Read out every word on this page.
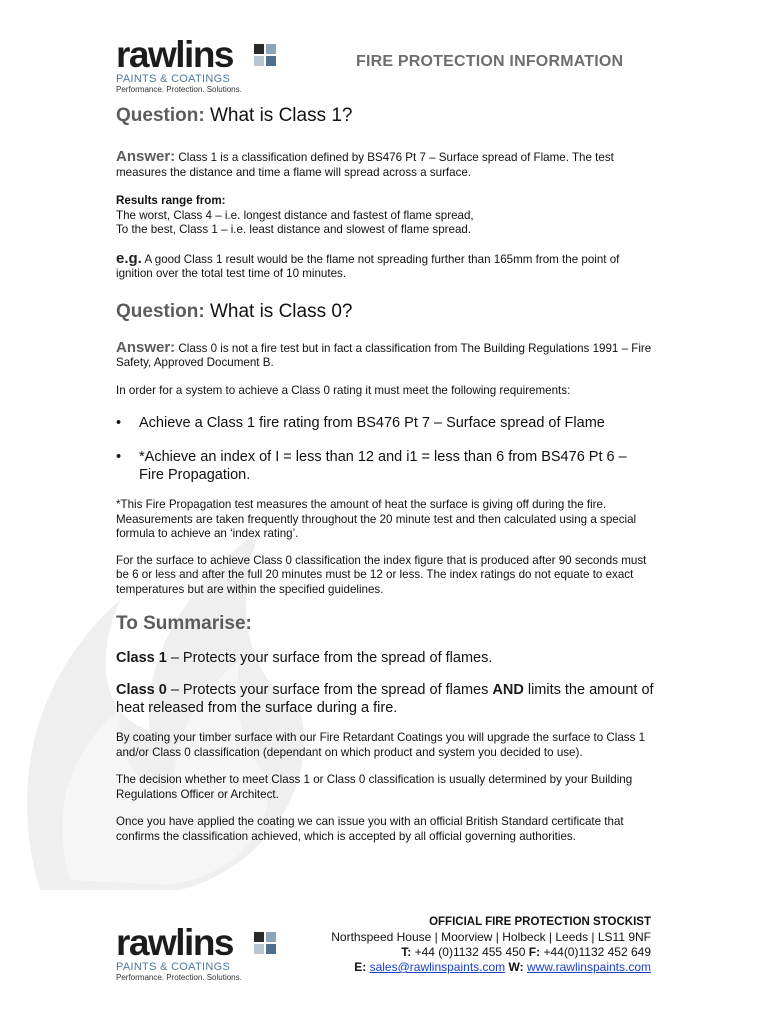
rawlins
PAINTS & COATINGS
Performance. Protection. Solutions.
FIRE PROTECTION INFORMATION

Question: What is Class 1?

Answer: Class 1 is a classification defined by BS476 Pt 7 – Surface spread of Flame. The test measures the distance and time a flame will spread across a surface.

Results range from:
The worst, Class 4 – i.e. longest distance and fastest of flame spread,
To the best, Class 1 – i.e. least distance and slowest of flame spread.

e.g. A good Class 1 result would be the flame not spreading further than 165mm from the point of ignition over the total test time of 10 minutes.

Question: What is Class 0?

Answer: Class 0 is not a fire test but in fact a classification from The Building Regulations 1991 – Fire Safety, Approved Document B.

In order for a system to achieve a Class 0 rating it must meet the following requirements:

• Achieve a Class 1 fire rating from BS476 Pt 7 – Surface spread of Flame
• *Achieve an index of I = less than 12 and i1 = less than 6 from BS476 Pt 6 – Fire Propagation.

*This Fire Propagation test measures the amount of heat the surface is giving off during the fire. Measurements are taken frequently throughout the 20 minute test and then calculated using a special formula to achieve an ‘index rating’.

For the surface to achieve Class 0 classification the index figure that is produced after 90 seconds must be 6 or less and after the full 20 minutes must be 12 or less. The index ratings do not equate to exact temperatures but are within the specified guidelines.

To Summarise:

Class 1 – Protects your surface from the spread of flames.

Class 0 – Protects your surface from the spread of flames AND limits the amount of heat released from the surface during a fire.

By coating your timber surface with our Fire Retardant Coatings you will upgrade the surface to Class 1 and/or Class 0 classification (dependant on which product and system you decided to use).

The decision whether to meet Class 1 or Class 0 classification is usually determined by your Building Regulations Officer or Architect.

Once you have applied the coating we can issue you with an official British Standard certificate that confirms the classification achieved, which is accepted by all official governing authorities.

rawlins
PAINTS & COATINGS
Performance. Protection. Solutions.
OFFICIAL FIRE PROTECTION STOCKIST
Northspeed House | Moorview | Holbeck | Leeds | LS11 9NF
T: +44 (0)1132 455 450 F: +44(0)1132 452 649
E: sales@rawlinspaints.com W: www.rawlinspaints.com
